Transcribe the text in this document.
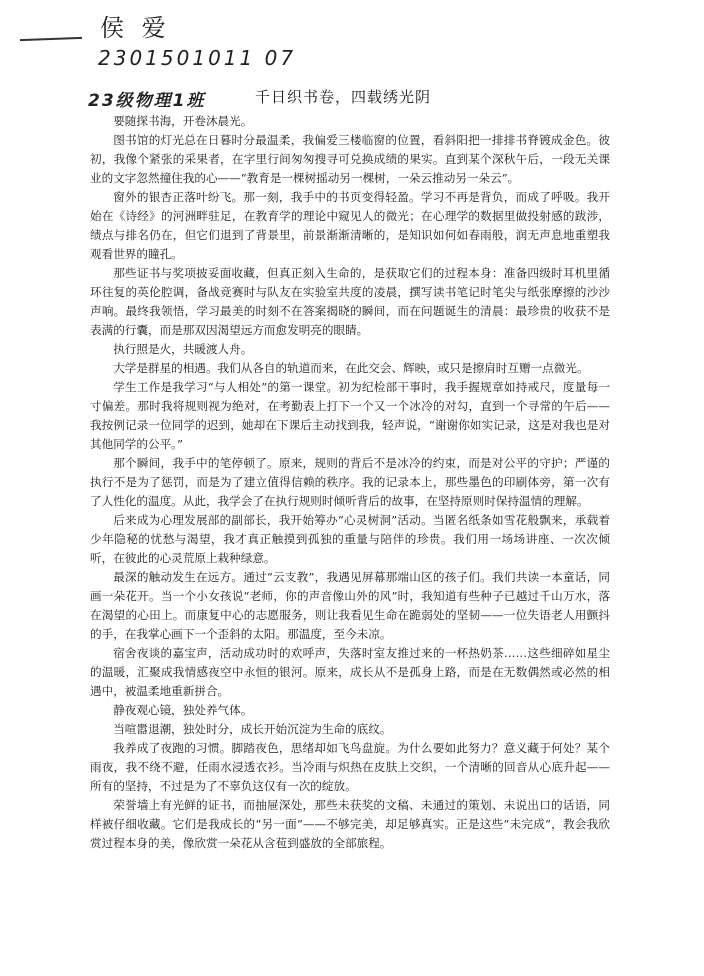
侯 爱
2301501011 07
23级物理1班	千日织书卷，四载绣光阴

要随探书海，开卷沐晨光。

图书馆的灯光总在日暮时分最温柔，我偏爱三楼临窗的位置，看斜阳把一排排书脊镀成金色。彼初，我像个紧张的采果者，在字里行间匆匆搜寻可兑换成绩的果实。直到某个深秋午后，一段无关课业的文字忽然撞住我的心——“教育是一棵树摇动另一棵树，一朵云推动另一朵云”。

窗外的银杏正落叶纷飞。那一刻，我手中的书页变得轻盈。学习不再是背负，而成了呼吸。我开始在《诗经》的河洲畔驻足，在教育学的理论中窥见人的微光；在心理学的数据里做投射感的跋涉，绩点与排名仍在，但它们退到了背景里，前景渐渐清晰的，是知识如何如春雨般，润无声息地重塑我观看世界的瞳孔。

那些证书与奖项披妥面收藏，但真正刻入生命的，是获取它们的过程本身：准备四级时耳机里循环往复的英伦腔调，备战竞赛时与队友在实验室共度的凌晨，撰写读书笔记时笔尖与纸张摩擦的沙沙声响。最终我领悟，学习最美的时刻不在答案揭晓的瞬间，而在问题诞生的清晨：最珍贵的收获不是表满的行囊，而是那双因渴望远方而愈发明亮的眼睛。

执行照是火，共暖渡人舟。

大学是群星的相遇。我们从各自的轨道而来，在此交会、辉映，或只是擦肩时互赠一点微光。

学生工作是我学习“与人相处”的第一课堂。初为纪检部干事时，我手握规章如持戒尺，度量每一寸偏差。那时我将规则视为绝对，在考勤表上打下一个又一个冰冷的对勾，直到一个寻常的午后——我按例记录一位同学的迟到，她却在下课后主动找到我，轻声说，“谢谢你如实记录，这是对我也是对其他同学的公平。”

那个瞬间，我手中的笔停顿了。原来，规则的背后不是冰冷的约束，而是对公平的守护；严谨的执行不是为了惩罚，而是为了建立值得信赖的秩序。我的记录本上，那些墨色的印刷体旁，第一次有了人性化的温度。从此，我学会了在执行规则时倾听背后的故事，在坚持原则时保持温情的理解。

后来成为心理发展部的副部长，我开始筹办“心灵树洞”活动。当匿名纸条如雪花般飘来，承载着少年隐秘的忧愁与渴望，我才真正触摸到孤独的重量与陪伴的珍贵。我们用一场场讲座、一次次倾听，在彼此的心灵荒原上栽种绿意。

最深的触动发生在远方。通过“云支教”，我遇见屏幕那端山区的孩子们。我们共读一本童话，同画一朵花开。当一个小女孩说“老师，你的声音像山外的风”时，我知道有些种子已越过千山万水，落在渴望的心田上。而康复中心的志愿服务，则让我看见生命在跪弱处的坚韧——一位失语老人用颤抖的手，在我掌心画下一个歪斜的太阳。那温度，至今未凉。

宿舍夜谈的嘉宝声，活动成功时的欢呼声，失落时室友推过来的一杯热奶茶……这些细碎如星尘的温暖，汇聚成我情感夜空中永恒的银河。原来，成长从不是孤身上路，而是在无数偶然或必然的相遇中，被温柔地重新拼合。

静夜观心镜，独处养气体。

当喧嚣退潮，独处时分，成长开始沉淀为生命的底纹。

我养成了夜跑的习惯。脚踏夜色，思绪却如飞鸟盘旋。为什么要如此努力？意义藏于何处？某个雨夜，我不绕不避，任雨水浸透衣衫。当冷雨与炽热在皮肤上交织，一个清晰的回音从心底升起——所有的坚持，不过是为了不辜负这仅有一次的绽放。

荣誉墙上有光鲜的证书，而抽屉深处，那些未获奖的文稿、未通过的策划、未说出口的话语，同样被仔细收藏。它们是我成长的“另一面”——不够完美，却足够真实。正是这些“未完成”，教会我欣赏过程本身的美，像欣赏一朵花从含苞到盛放的全部旅程。
